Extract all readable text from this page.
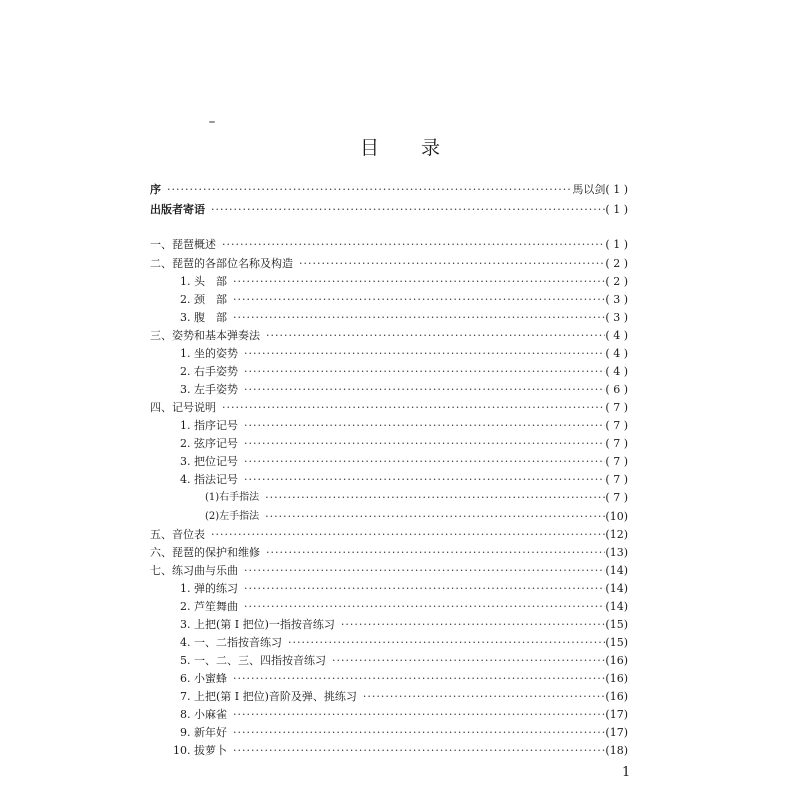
目 录
序 ·····	馬以剑 ( 1 )
出版者寄语 ·····	( 1 )
一、琵琶概述 ·····	( 1 )
二、琵琶的各部位名称及构造 ·····	( 2 )
1. 头　部 ·····	( 2 )
2. 颈　部 ·····	( 3 )
3. 腹　部 ·····	( 3 )
三、姿势和基本弹奏法 ·····	( 4 )
1. 坐的姿势 ·····	( 4 )
2. 右手姿势 ·····	( 4 )
3. 左手姿势 ·····	( 6 )
四、记号说明 ·····	( 7 )
1. 指序记号 ·····	( 7 )
2. 弦序记号 ·····	( 7 )
3. 把位记号 ·····	( 7 )
4. 指法记号 ·····	( 7 )
(1)右手指法 ·····	( 7 )
(2)左手指法 ·····	(10)
五、音位表 ·····	(12)
六、琵琶的保护和维修 ·····	(13)
七、练习曲与乐曲 ·····	(14)
1. 弹的练习 ·····	(14)
2. 芦笙舞曲 ·····	(14)
3. 上把(第 Ⅰ 把位)一指按音练习 ·····	(15)
4. 一、二指按音练习 ·····	(15)
5. 一、二、三、四指按音练习 ·····	(16)
6. 小蜜蜂 ·····	(16)
7. 上把(第 Ⅰ 把位)音阶及弹、挑练习 ·····	(16)
8. 小麻雀 ·····	(17)
9. 新年好 ·····	(17)
10. 拔萝卜 ·····	(18)
1
